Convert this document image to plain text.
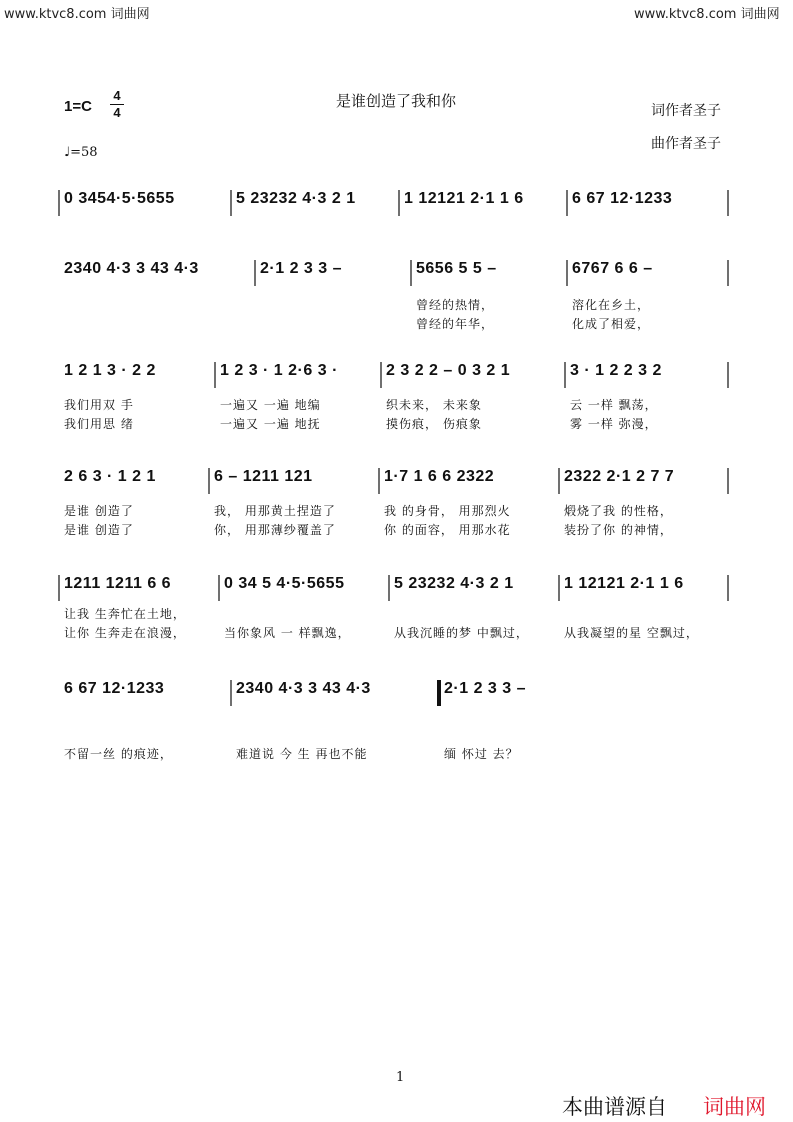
www.ktvc8.com 词曲网	www.ktvc8.com 词曲网
是谁创造了我和你
1=C
4
4	词作者圣子
曲作者圣子
♩=58
0 3454·5·5655	5 23232 4·3 2 1	1 12121 2·1 1 6	6 67 12·1233
2340 4·3 3 43 4·3	2·1 2 3 3 –	5656 5 5 –	6767 6 6 –
曾经的热情，	溶化在乡土，
曾经的年华，	化成了相爱，
1 2 1 3 · 2 2	1 2 3 · 1 2·6 3 ·	2 3 2 2 – 0 3 2 1	3 · 1 2 2 3 2
我们用双 手	一遍又 一遍 地编	织未来， 未来象	云 一样 飘荡，
我们用思 绪	一遍又 一遍 地抚	摸伤痕， 伤痕象	雾 一样 弥漫，
2 6 3 · 1 2 1	6 – 1211 121	1·7 1 6 6 2322	2322 2·1 2 7 7
是谁 创造了	我， 用那黄土捏造了	我 的身骨， 用那烈火	煅烧了我 的性格，
是谁 创造了	你， 用那薄纱覆盖了	你 的面容， 用那水花	装扮了你 的神情，
1211 1211 6 6	0 34 5 4·5·5655	5 23232 4·3 2 1	1 12121 2·1 1 6
让我 生奔忙在土地，
让你 生奔走在浪漫，	当你象风 一 样飘逸，	从我沉睡的梦 中飘过，	从我凝望的星 空飘过，
6 67 12·1233	2340 4·3 3 43 4·3	2·1 2 3 3 –
不留一丝 的痕迹，	难道说 今 生 再也不能	缅 怀过 去？
1
本曲谱源自 词曲网
